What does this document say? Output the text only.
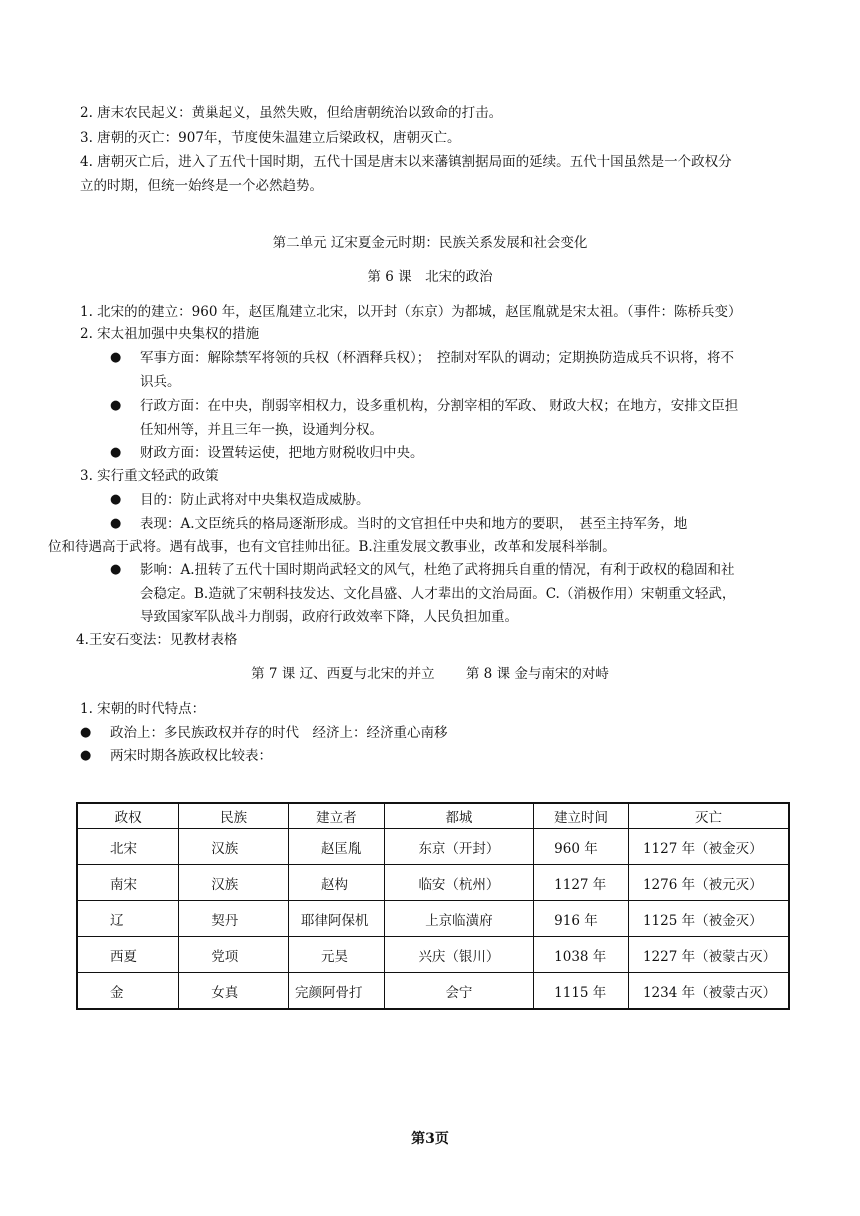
2. 唐末农民起义：黄巢起义，虽然失败，但给唐朝统治以致命的打击。
3. 唐朝的灭亡：907年，节度使朱温建立后梁政权，唐朝灭亡。
4. 唐朝灭亡后，进入了五代十国时期，五代十国是唐末以来藩镇割据局面的延续。五代十国虽然是一个政权分
立的时期，但统一始终是一个必然趋势。
第二单元 辽宋夏金元时期：民族关系发展和社会变化
第 6 课　北宋的政治
1. 北宋的的建立：960 年，赵匡胤建立北宋，以开封（东京）为都城，赵匡胤就是宋太祖。（事件：陈桥兵变）
2. 宋太祖加强中央集权的措施
● 军事方面：解除禁军将领的兵权（杯酒释兵权）；　控制对军队的调动；定期换防造成兵不识将，将不
识兵。
● 行政方面：在中央，削弱宰相权力，设多重机构，分割宰相的军政、 财政大权；在地方，安排文臣担
任知州等，并且三年一换，设通判分权。
● 财政方面：设置转运使，把地方财税收归中央。
3. 实行重文轻武的政策
● 目的：防止武将对中央集权造成威胁。
● 表现：A.文臣统兵的格局逐渐形成。当时的文官担任中央和地方的要职，　甚至主持军务，地
位和待遇高于武将。遇有战事，也有文官挂帅出征。B.注重发展文教事业，改革和发展科举制。
● 影响：A.扭转了五代十国时期尚武轻文的风气，杜绝了武将拥兵自重的情况，有利于政权的稳固和社
会稳定。B.造就了宋朝科技发达、文化昌盛、人才辈出的文治局面。C.（消极作用）宋朝重文轻武，
导致国家军队战斗力削弱，政府行政效率下降，人民负担加重。
4.王安石变法：见教材表格
第 7 课 辽、西夏与北宋的并立　　 第 8 课 金与南宋的对峙
1. 宋朝的时代特点：
● 政治上：多民族政权并存的时代　经济上：经济重心南移
● 两宋时期各族政权比较表：
政权	民族	建立者	都城	建立时间	灭亡
北宋	汉族	赵匡胤	东京（开封）	960 年	1127 年（被金灭）
南宋	汉族	赵构	临安（杭州）	1127 年	1276 年（被元灭）
辽	契丹	耶律阿保机	上京临潢府	916 年	1125 年（被金灭）
西夏	党项	元昊	兴庆（银川）	1038 年	1227 年（被蒙古灭）
金	女真	完颜阿骨打	会宁	1115 年	1234 年（被蒙古灭）
第3页
